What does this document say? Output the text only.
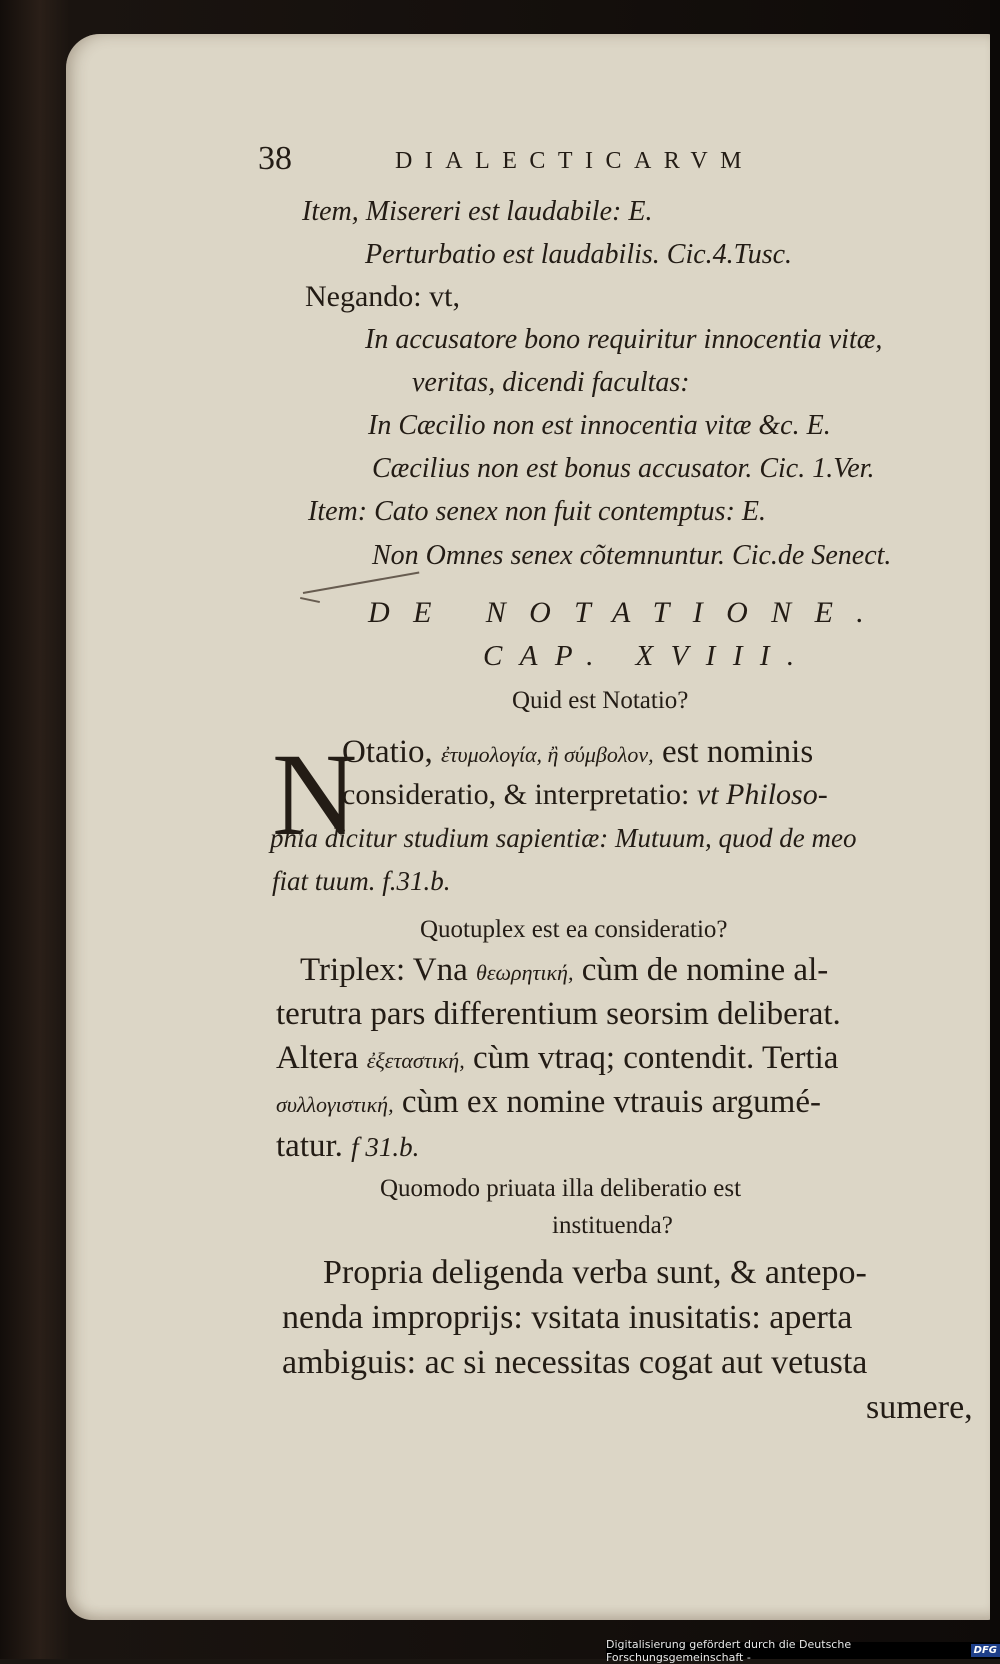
38	DIALECTICARVM
Item, Misereri est laudabile: E.
Perturbatio est laudabilis. Cic.4.Tusc.
Negando: vt,
In accusatore bono requiritur innocentia vitæ,
veritas, dicendi facultas:
In Cæcilio non est innocentia vitæ &c. E.
Cæcilius non est bonus accusator. Cic. 1.Ver.
Item: Cato senex non fuit contemptus: E.
Non Omnes senex cõtemnuntur. Cic.de Senect.
DE NOTATIONE.
CAP. XVIII.
Quid est Notatio?
N
Otatio, ἐτυμολογία, ἢ σύμβολον, est nominis
consideratio, & interpretatio: vt Philoso-
phia dicitur studium sapientiæ: Mutuum, quod de meo
fiat tuum. f.31.b.
Quotuplex est ea consideratio?
Triplex: Vna θεωρητική, cùm de nomine al-
terutra pars differentium seorsim deliberat.
Altera ἐξεταστική, cùm vtraq; contendit. Tertia
συλλογιστική, cùm ex nomine vtrauis argumé-
tatur. f 31.b.
Quomodo priuata illa deliberatio est
instituenda?
Propria deligenda verba sunt, & antepo-
nenda improprijs: vsitata inusitatis: aperta
ambiguis: ac si necessitas cogat aut vetusta
sumere,
Digitalisierung gefördert durch die Deutsche Forschungsgemeinschaft -	DFG
